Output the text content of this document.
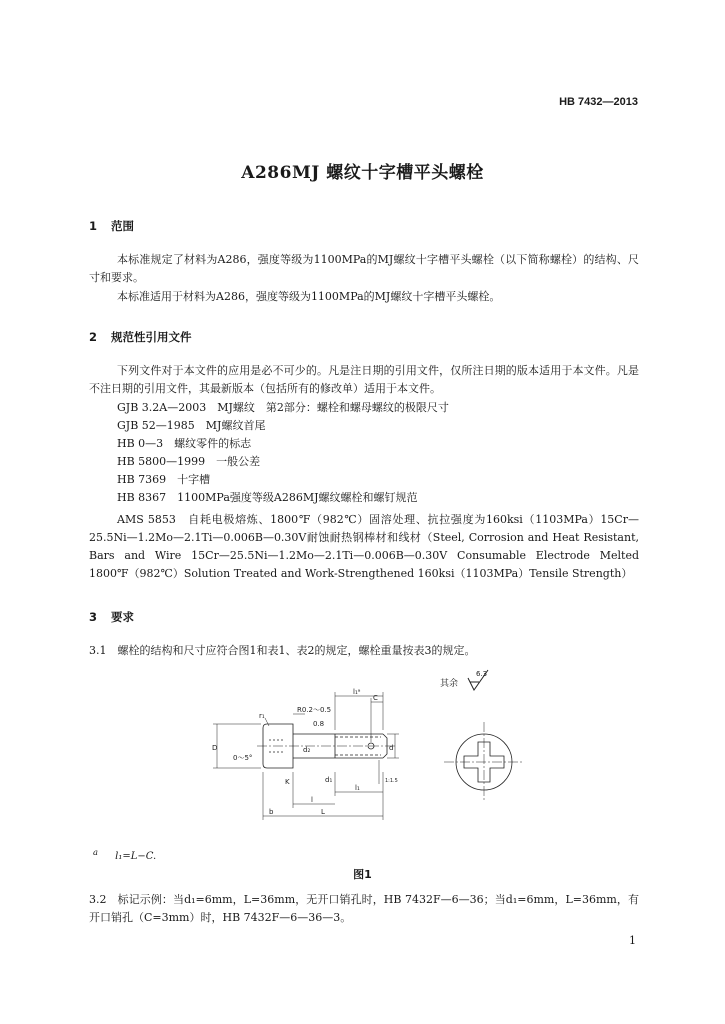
HB 7432—2013
A286MJ 螺纹十字槽平头螺栓
1 范围
本标准规定了材料为A286，强度等级为1100MPa的MJ螺纹十字槽平头螺栓（以下简称螺栓）的结构、尺寸和要求。
本标准适用于材料为A286，强度等级为1100MPa的MJ螺纹十字槽平头螺栓。
2 规范性引用文件
下列文件对于本文件的应用是必不可少的。凡是注日期的引用文件，仅所注日期的版本适用于本文件。凡是不注日期的引用文件，其最新版本（包括所有的修改单）适用于本文件。
GJB 3.2A—2003　MJ螺纹　第2部分：螺栓和螺母螺纹的极限尺寸
GJB 52—1985　MJ螺纹首尾
HB 0—3　螺纹零件的标志
HB 5800—1999　一般公差
HB 7369　十字槽
HB 8367　1100MPa强度等级A286MJ螺纹螺栓和螺钉规范
AMS 5853　自耗电极熔炼、1800℉（982℃）固溶处理、抗拉强度为160ksi（1103MPa）15Cr—25.5Ni—1.2Mo—2.1Ti—0.006B—0.30V耐蚀耐热钢棒材和线材（Steel, Corrosion and Heat Resistant, Bars and Wire 15Cr—25.5Ni—1.2Mo—2.1Ti—0.006B—0.30V Consumable Electrode Melted 1800℉（982℃）Solution Treated and Work-Strengthened 160ksi（1103MPa）Tensile Strength）
3 要求
3.1　螺栓的结构和尺寸应符合图1和表1、表2的规定，螺栓重量按表3的规定。
其余
6.3
r₁
R0.2～0.5
0.8
0～5°
D
d₁
d
d₂
K
l
l₁
L
b
C
l₁ᵃ
1:1.5
$^a$ l₁=L−C.
图1
3.2　标记示例：当d₁=6mm，L=36mm，无开口销孔时，HB 7432F—6—36；当d₁=6mm，L=36mm，有开口销孔（C=3mm）时，HB 7432F—6—36—3。
1
